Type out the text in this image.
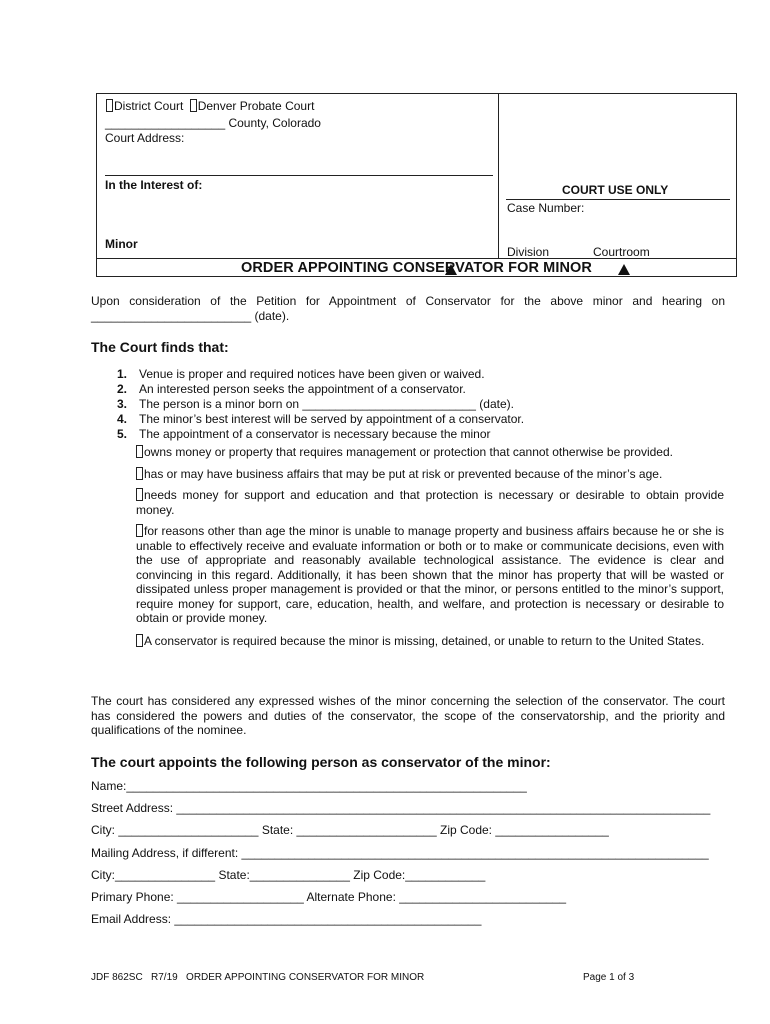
District Court Denver Probate Court
__________________ County, Colorado
Court Address:
In the Interest of:
Minor
COURT USE ONLY
Case Number:
Division	Courtroom
ORDER APPOINTING CONSERVATOR FOR MINOR
Upon consideration of the Petition for Appointment of Conservator for the above minor and hearing on ________________________ (date).
The Court finds that:
1. Venue is proper and required notices have been given or waived.
2. An interested person seeks the appointment of a conservator.
3. The person is a minor born on __________________________ (date).
4. The minor’s best interest will be served by appointment of a conservator.
5. The appointment of a conservator is necessary because the minor
owns money or property that requires management or protection that cannot otherwise be provided.
has or may have business affairs that may be put at risk or prevented because of the minor’s age.
needs money for support and education and that protection is necessary or desirable to obtain provide money.
for reasons other than age the minor is unable to manage property and business affairs because he or she is unable to effectively receive and evaluate information or both or to make or communicate decisions, even with the use of appropriate and reasonably available technological assistance. The evidence is clear and convincing in this regard. Additionally, it has been shown that the minor has property that will be wasted or dissipated unless proper management is provided or that the minor, or persons entitled to the minor’s support, require money for support, care, education, health, and welfare, and protection is necessary or desirable to obtain or provide money.
A conservator is required because the minor is missing, detained, or unable to return to the United States.
The court has considered any expressed wishes of the minor concerning the selection of the conservator. The court has considered the powers and duties of the conservator, the scope of the conservatorship, and the priority and qualifications of the nominee.
The court appoints the following person as conservator of the minor:
Name:____________________________________________________________
Street Address: ________________________________________________________________________________
City: _____________________ State: _____________________ Zip Code: _________________
Mailing Address, if different: ______________________________________________________________________
City:_______________ State:_______________ Zip Code:____________
Primary Phone: ___________________ Alternate Phone: _________________________
Email Address: ______________________________________________
JDF 862SC   R7/19   ORDER APPOINTING CONSERVATOR FOR MINOR	Page 1 of 3
